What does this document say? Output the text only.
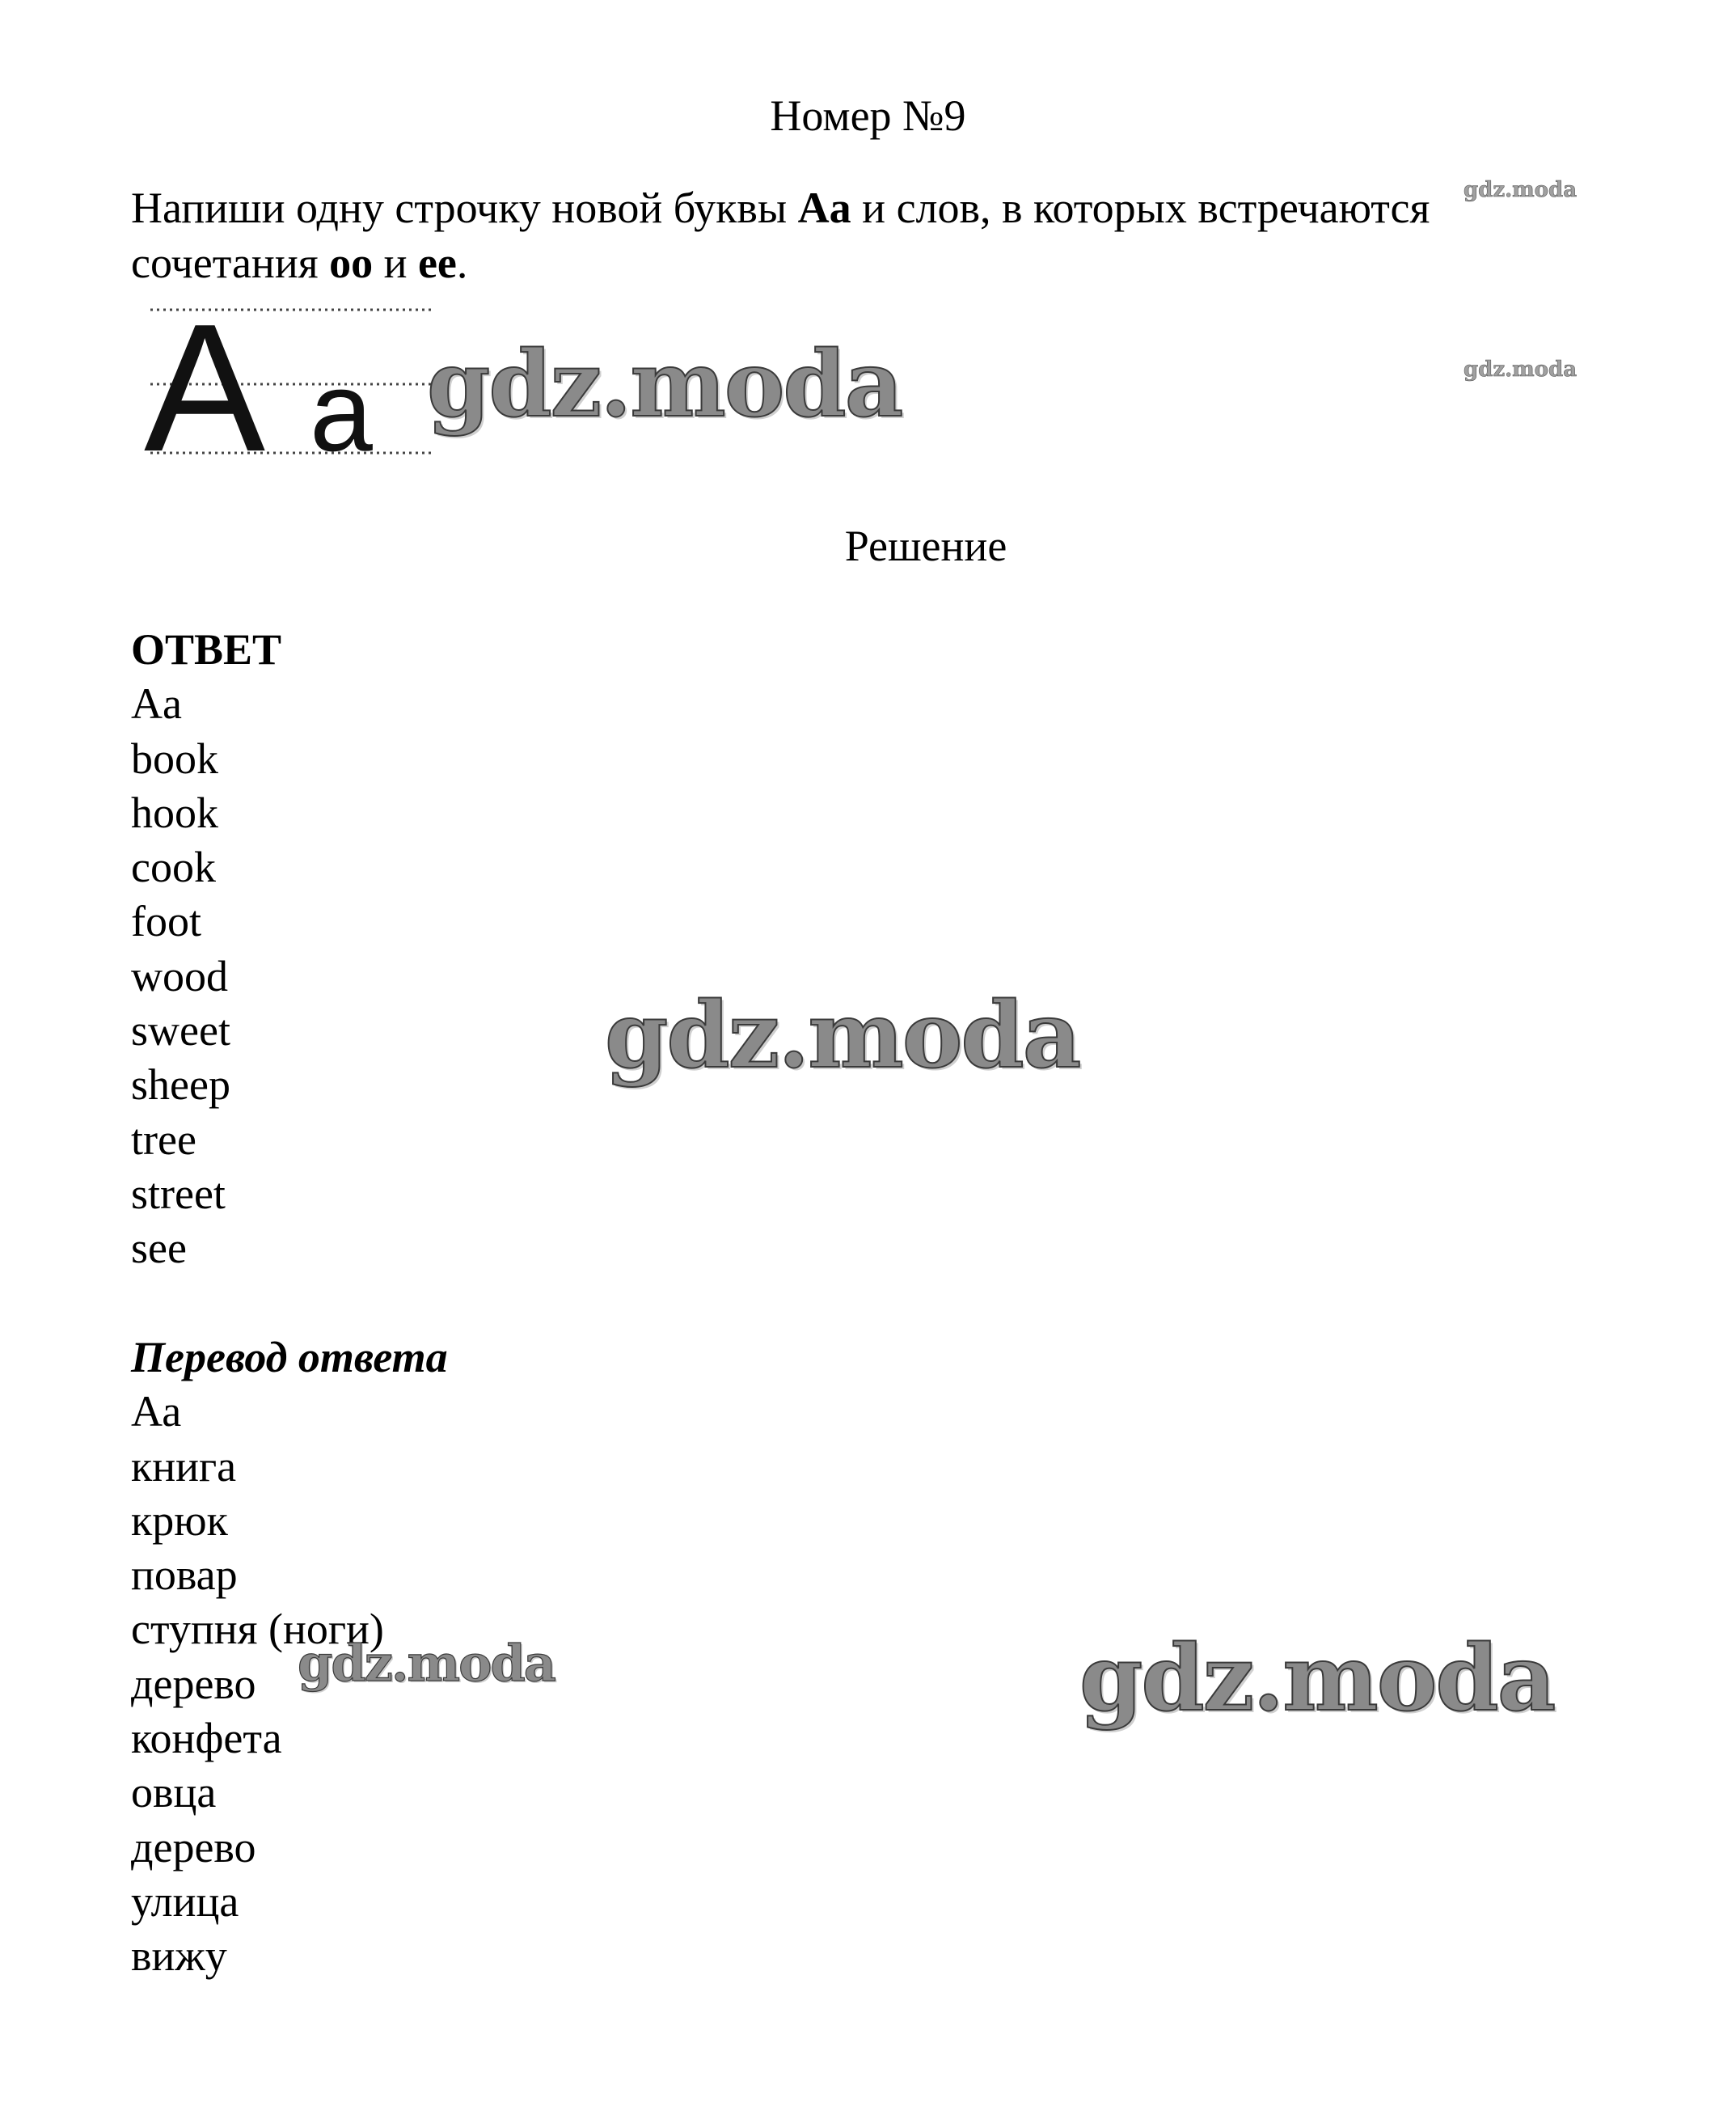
Номер №9
Напиши одну строчку новой буквы Aa и слов, в которых встречаются сочетания oo и ee.
A a
Решение
ОТВЕТ
Aa
book
hook
cook
foot
wood
sweet
sheep
tree
street
see
Перевод ответа
Аа
книга
крюк
повар
ступня (ноги)
дерево
конфета
овца
дерево
улица
вижу
gdz.moda
gdz.moda
gdz.moda
gdz.moda
gdz.moda	gdz.moda
